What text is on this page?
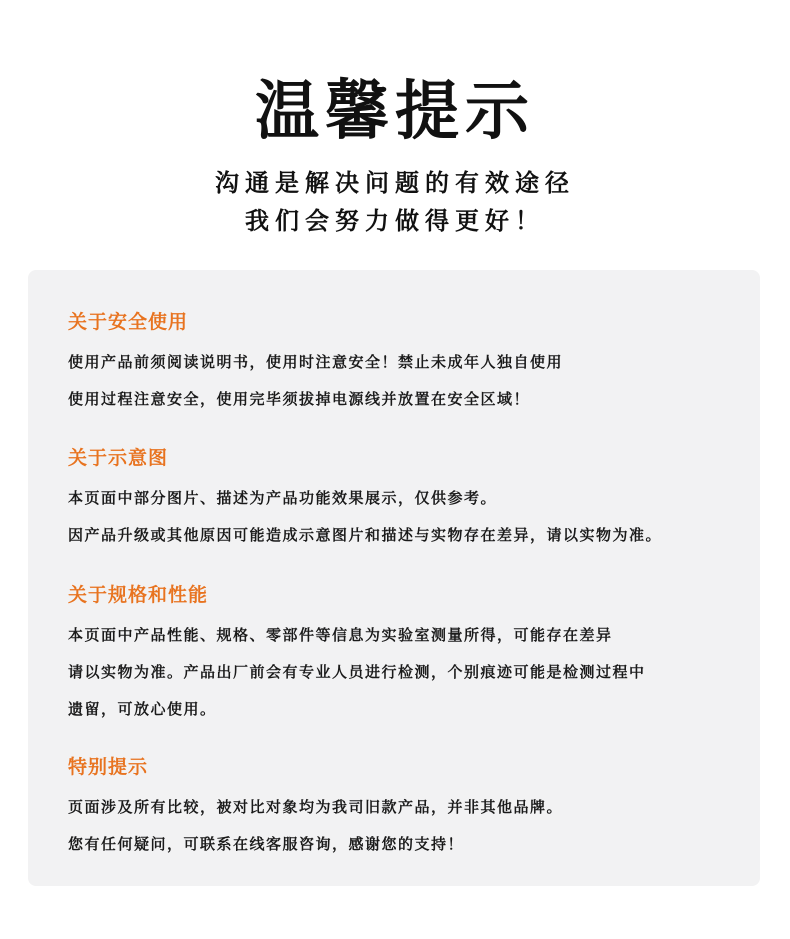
温馨提示

沟通是解决问题的有效途径

我们会努力做得更好！

关于安全使用

使用产品前须阅读说明书，使用时注意安全！禁止未成年人独自使用

使用过程注意安全，使用完毕须拔掉电源线并放置在安全区域！

关于示意图

本页面中部分图片、描述为产品功能效果展示，仅供参考。

因产品升级或其他原因可能造成示意图片和描述与实物存在差异，请以实物为准。

关于规格和性能

本页面中产品性能、规格、零部件等信息为实验室测量所得，可能存在差异

请以实物为准。产品出厂前会有专业人员进行检测，个别痕迹可能是检测过程中

遗留，可放心使用。

特别提示

页面涉及所有比较，被对比对象均为我司旧款产品，并非其他品牌。

您有任何疑问，可联系在线客服咨询，感谢您的支持！
